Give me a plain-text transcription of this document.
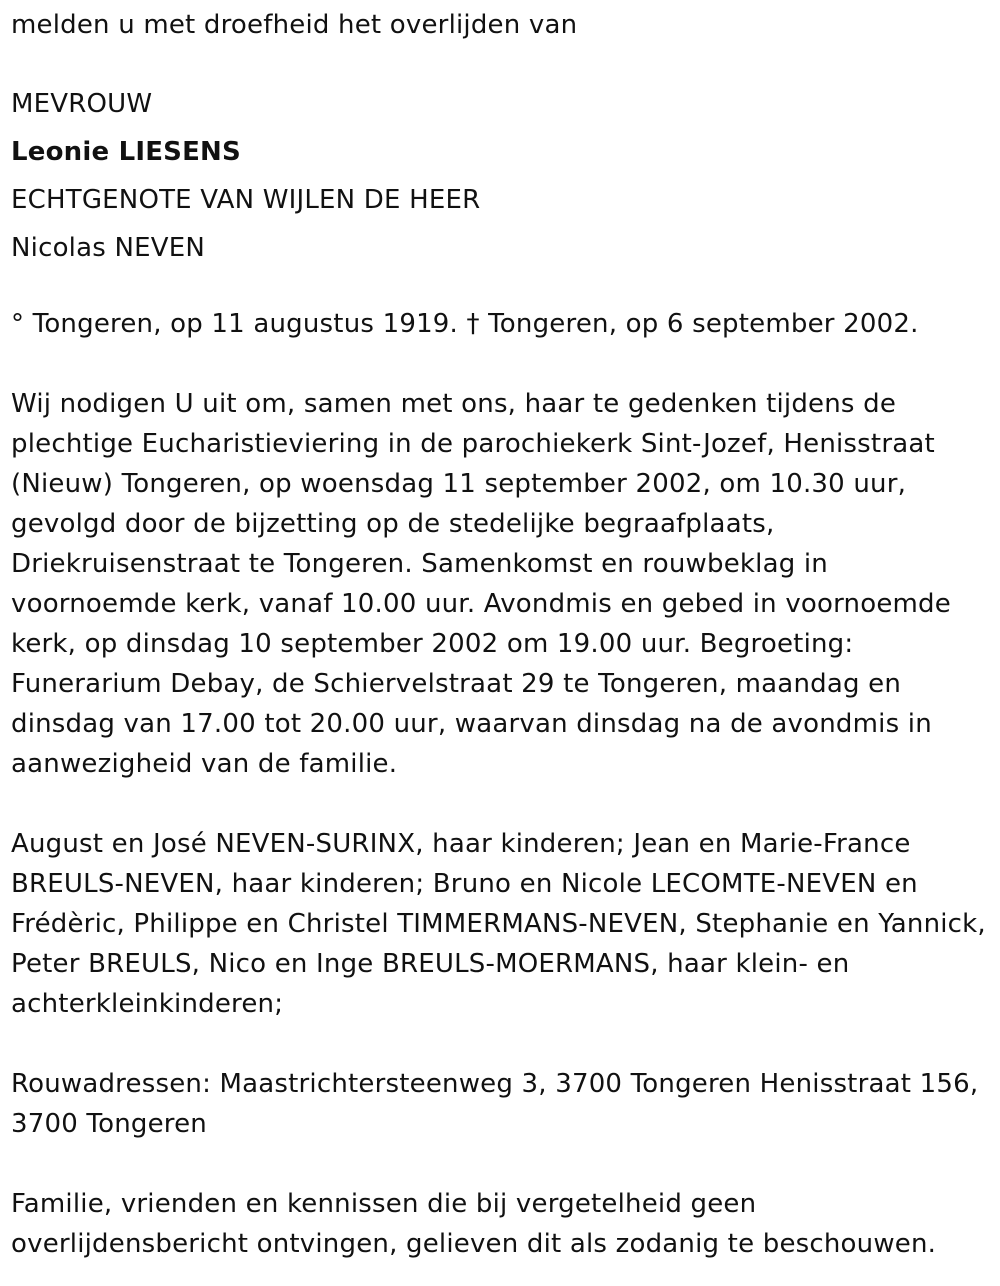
melden u met droefheid het overlijden van

MEVROUW

Leonie LIESENS

ECHTGENOTE VAN WIJLEN DE HEER

Nicolas NEVEN

° Tongeren, op 11 augustus 1919. † Tongeren, op 6 september 2002.

Wij nodigen U uit om, samen met ons, haar te gedenken tijdens de plechtige Eucharistieviering in de parochiekerk Sint-Jozef, Henisstraat (Nieuw) Tongeren, op woensdag 11 september 2002, om 10.30 uur, gevolgd door de bijzetting op de stedelijke begraafplaats, Driekruisenstraat te Tongeren. Samenkomst en rouwbeklag in voornoemde kerk, vanaf 10.00 uur. Avondmis en gebed in voornoemde kerk, op dinsdag 10 september 2002 om 19.00 uur. Begroeting: Funerarium Debay, de Schiervelstraat 29 te Tongeren, maandag en dinsdag van 17.00 tot 20.00 uur, waarvan dinsdag na de avondmis in aanwezigheid van de familie.

August en José NEVEN-SURINX, haar kinderen; Jean en Marie-France BREULS-NEVEN, haar kinderen; Bruno en Nicole LECOMTE-NEVEN en Frédèric, Philippe en Christel TIMMERMANS-NEVEN, Stephanie en Yannick, Peter BREULS, Nico en Inge BREULS-MOERMANS, haar klein- en achterkleinkinderen;

Rouwadressen: Maastrichtersteenweg 3, 3700 Tongeren Henisstraat 156, 3700 Tongeren

Familie, vrienden en kennissen die bij vergetelheid geen overlijdensbericht ontvingen, gelieven dit als zodanig te beschouwen.
